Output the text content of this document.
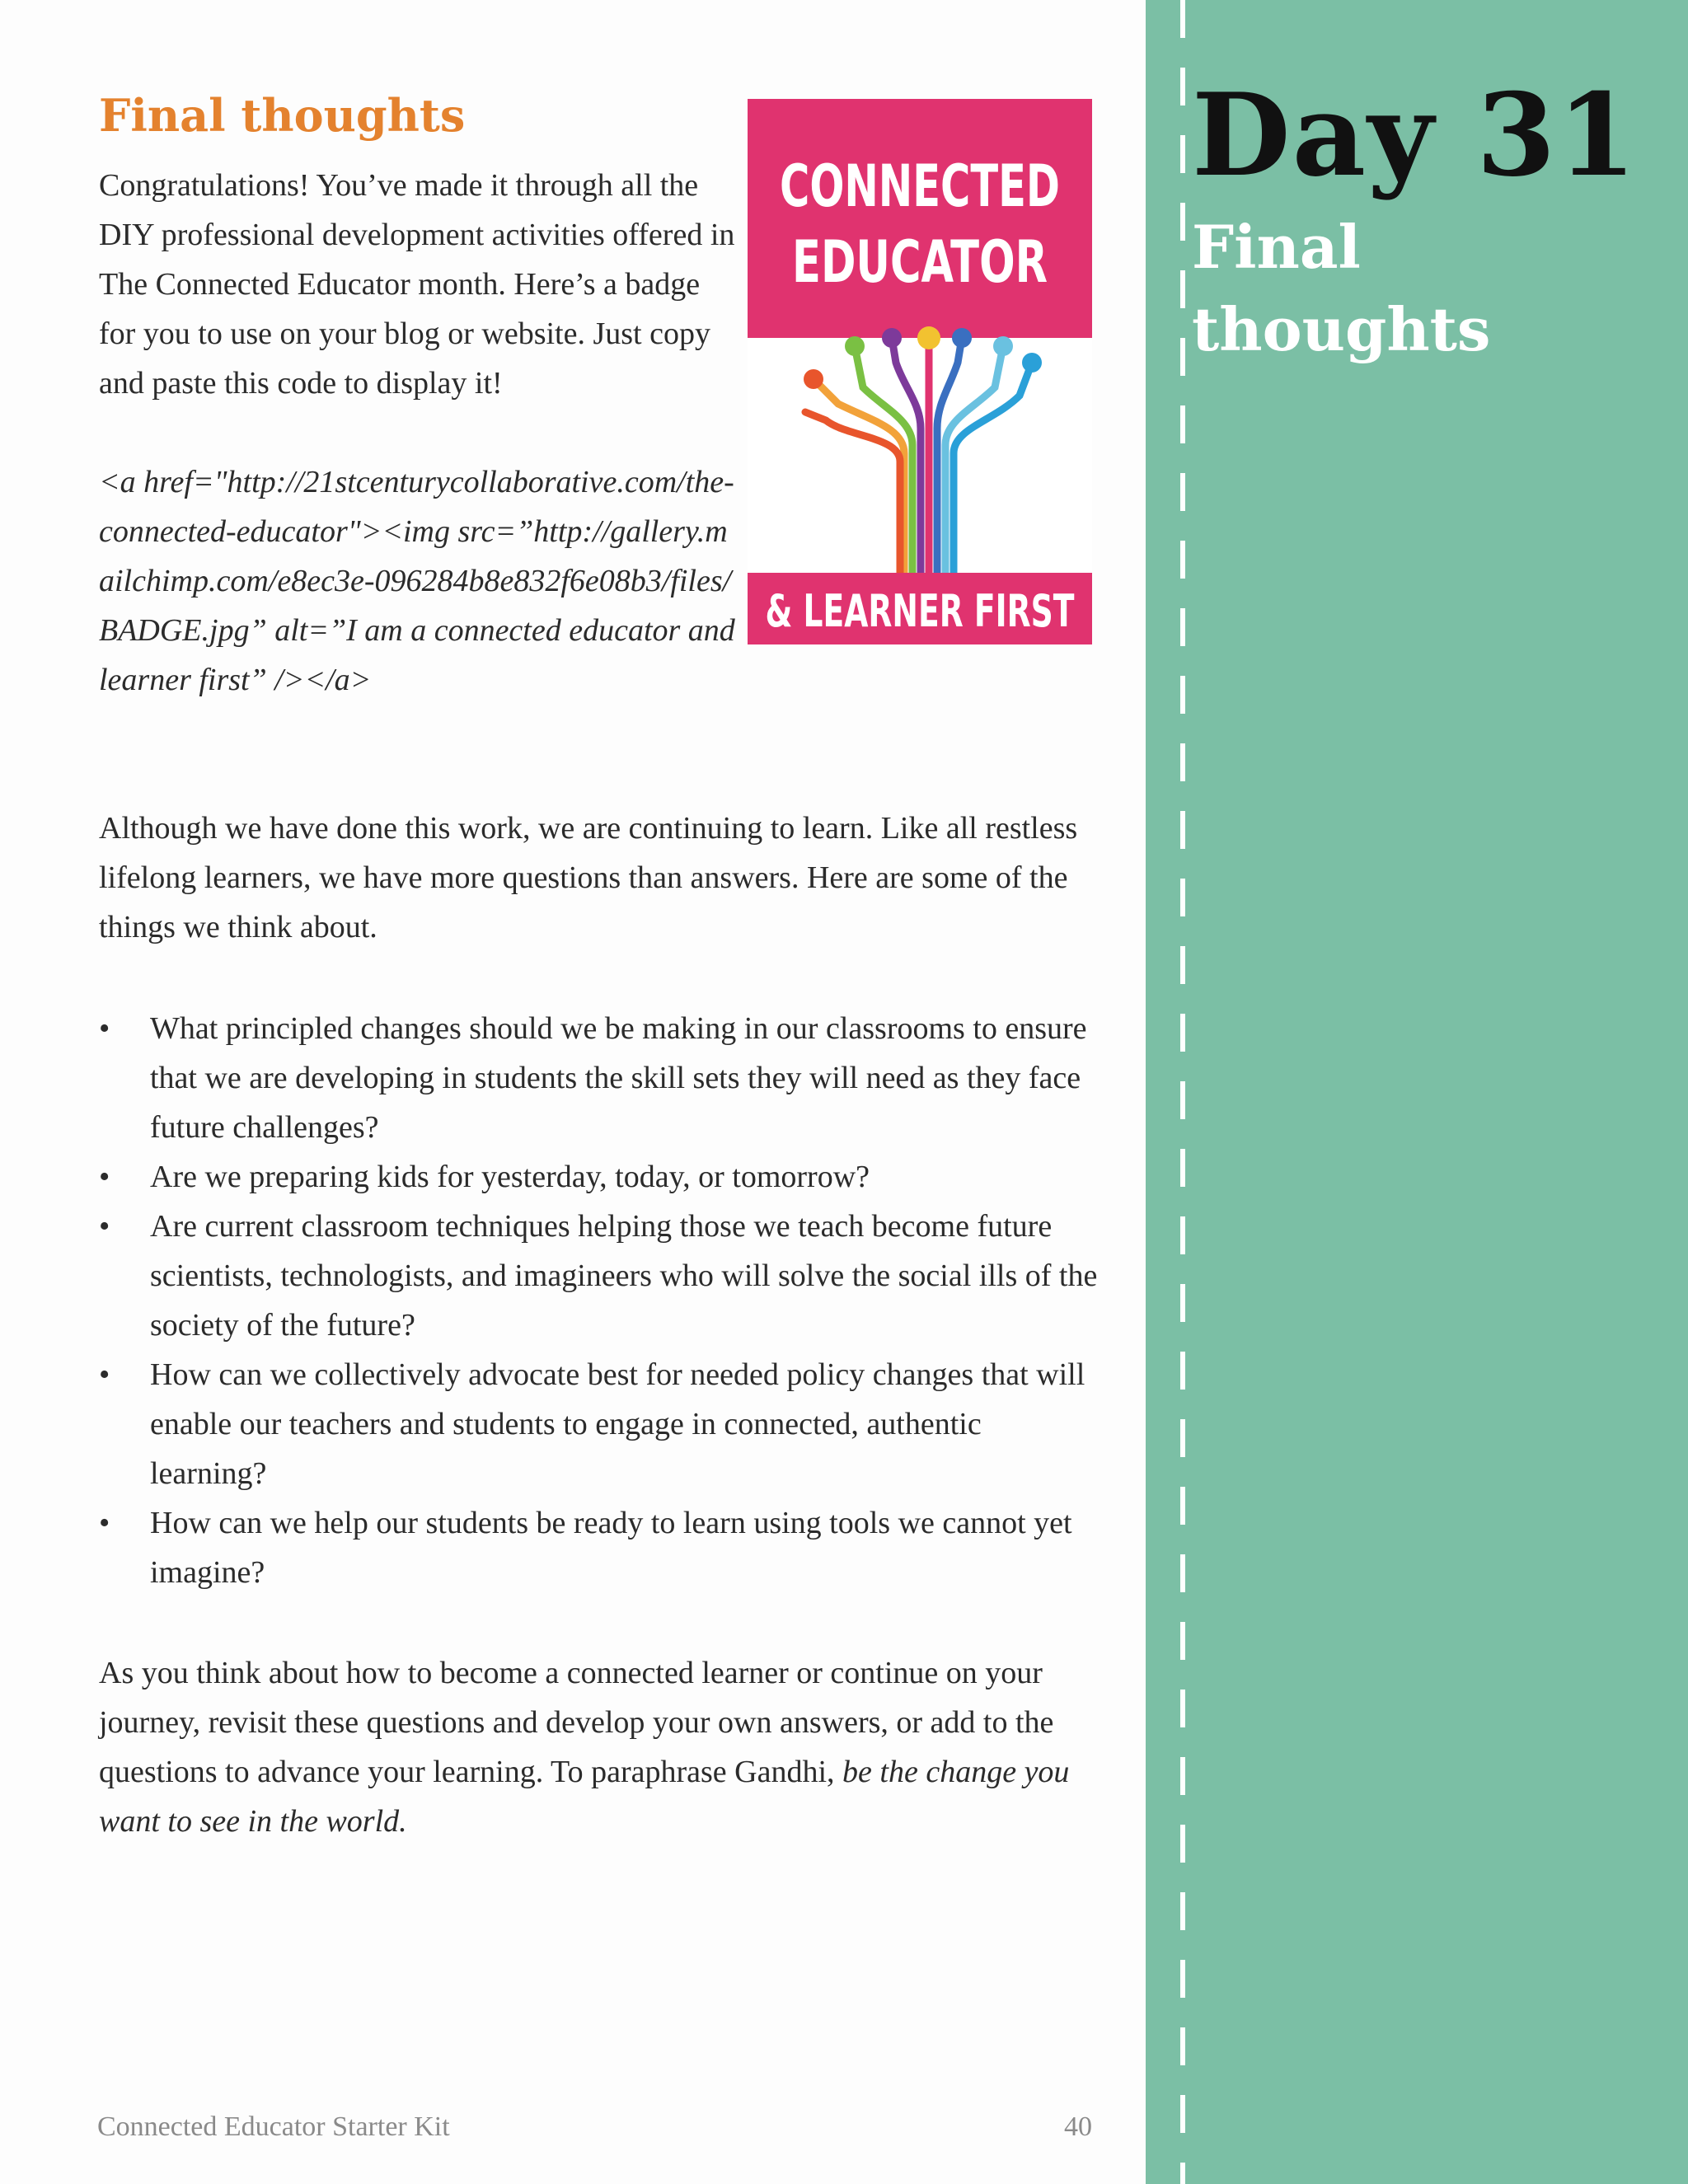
Day 31
Final thoughts
Final thoughts

Congratulations! You’ve made it through all the DIY professional development activities offered in The Connected Educator month. Here’s a badge for you to use on your blog or website. Just copy and paste this code to display it!

<a href="http://21stcenturycollaborative.com/the-connected-educator"><img src=”http://gallery.mailchimp.com/e8ec3e-096284b8e832f6e08b3/files/BADGE.jpg” alt=”I am a connected educator and learner first” /></a>

CONNECTED
EDUCATOR
& LEARNER FIRST

Although we have done this work, we are continuing to learn. Like all restless lifelong learners, we have more questions than answers. Here are some of the things we think about.

• What principled changes should we be making in our classrooms to ensure that we are developing in students the skill sets they will need as they face future challenges?
• Are we preparing kids for yesterday, today, or tomorrow?
• Are current classroom techniques helping those we teach become future scientists, technologists, and imagineers who will solve the social ills of the society of the future?
• How can we collectively advocate best for needed policy changes that will enable our teachers and students to engage in connected, authentic learning?
• How can we help our students be ready to learn using tools we cannot yet imagine?

As you think about how to become a connected learner or continue on your journey, revisit these questions and develop your own answers, or add to the questions to advance your learning. To paraphrase Gandhi, be the change you want to see in the world.

Connected Educator Starter Kit	40
